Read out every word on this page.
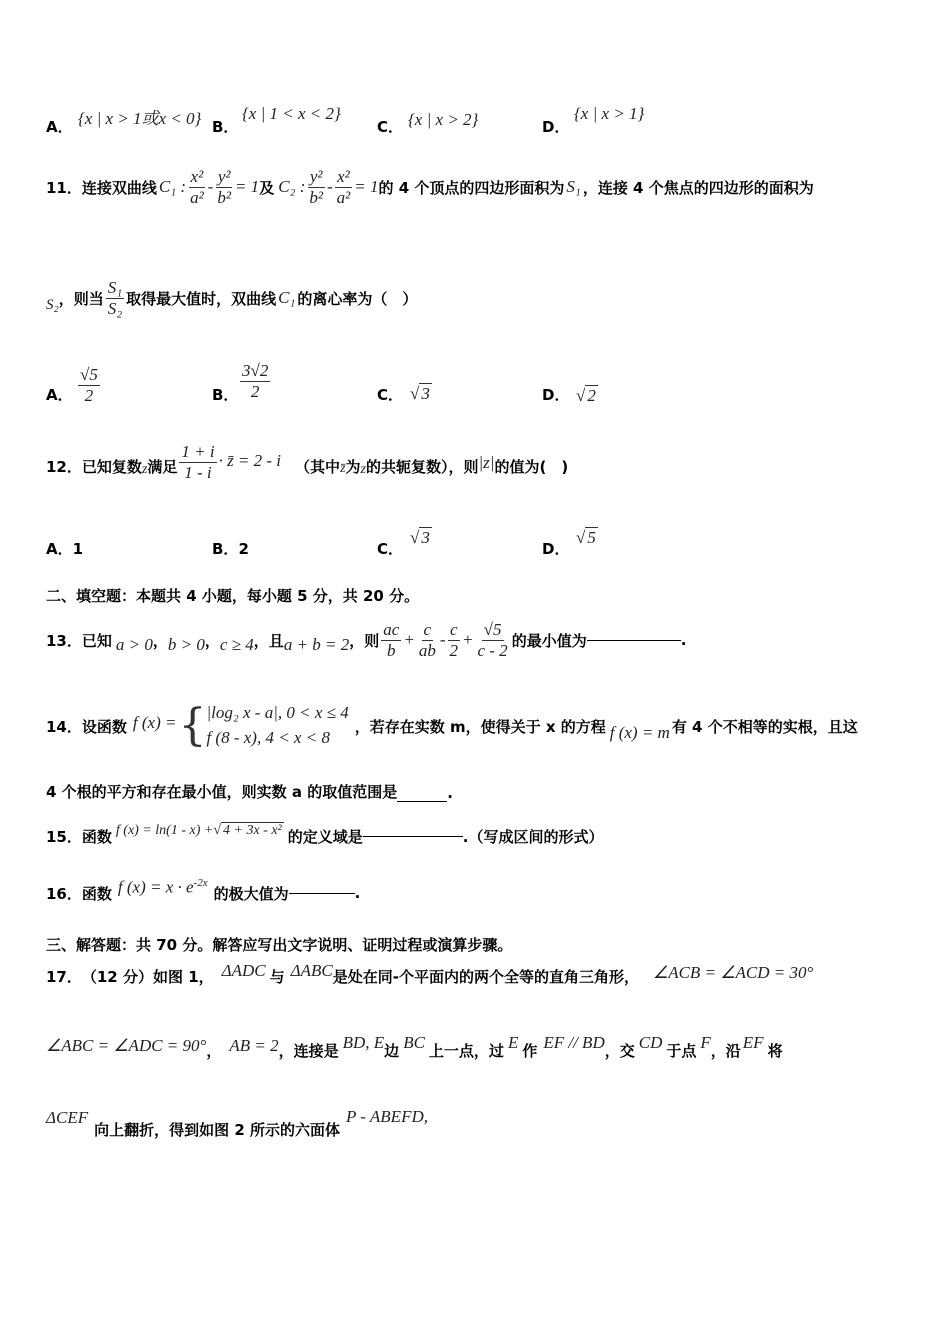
A． {x | x > 1或x < 0} B．
{x | 1 < x < 2}
C． {x | x > 2}	D．
{x | x > 1}
11． 连接双曲线 C₁ : $\frac{\text{x²}}{\text{a²}} - \frac{\text{y²}}{\text{b²}} = 1$ 及 C₂ : $\frac{\text{y²}}{\text{b²}} - \frac{\text{x²}}{\text{a²}} = 1$ 的 4 个顶点的四边形面积为 S₁ ，连接 4 个焦点的四边形的面积为
S₂ ，则当 $\frac{\text{S₁}}{\text{S₂}}$ 取得最大值时，双曲线 C₁ 的离心率为（　）
A． $\frac{√5}{2}$	B． $\frac{3√2}{2}$	C． √ 3	D． √ 2
12． 已知复数 z 满足 $\frac{1 + i}{1 - i}$ · z̄ = 2 - i （其中 z̄ 为 z 的共轭复数），则 |z| 的值为(　)
A．1	B．2	C．
√ 3
D．
√ 5
二、填空题：本题共 4 小题，每小题 5 分，共 20 分。
13． 已知 a > 0 ， b > 0 ， c ≥ 4 ， 且 a + b = 2 ，则 $\frac{ac}{b} + \frac{c}{ab} - \frac{c}{2} + \frac{√5}{c - 2}$ 的最小值为	.
14． 设函数 f (x) = { |log₂ x - a|, 0 < x ≤ 4
f (8 - x), 4 < x < 8
，若存在实数 m，使得关于 x 的方程 f (x) = m 有 4 个不相等的实根，且这
4 个根的平方和存在最小值，则实数 a 的取值范围是	.
15． 函数 f (x) = ln(1 - x) + √ 4 + 3x - x² 的定义域是	.（写成区间的形式）
16． 函数 f $(x) = x \cdot e^{-2x}$
的极大值为	.
三、解答题：共 70 分。解答应写出文字说明、证明过程或演算步骤。
17． （12 分）如图 1， ΔADC 与 ΔABC 是处在同-个平面内的两个全等的直角三角形， ∠ACB = ∠ACD = 30°
∠ABC = ∠ADC = 90° ， AB = 2 ，连接是 BD, E 边 BC 上一点，过 E 作 EF // BD ，交 CD 于点 F ，沿 EF 将
ΔCEF
向上翻折，得到如图 2 所示的六面体
P - ABEFD,
